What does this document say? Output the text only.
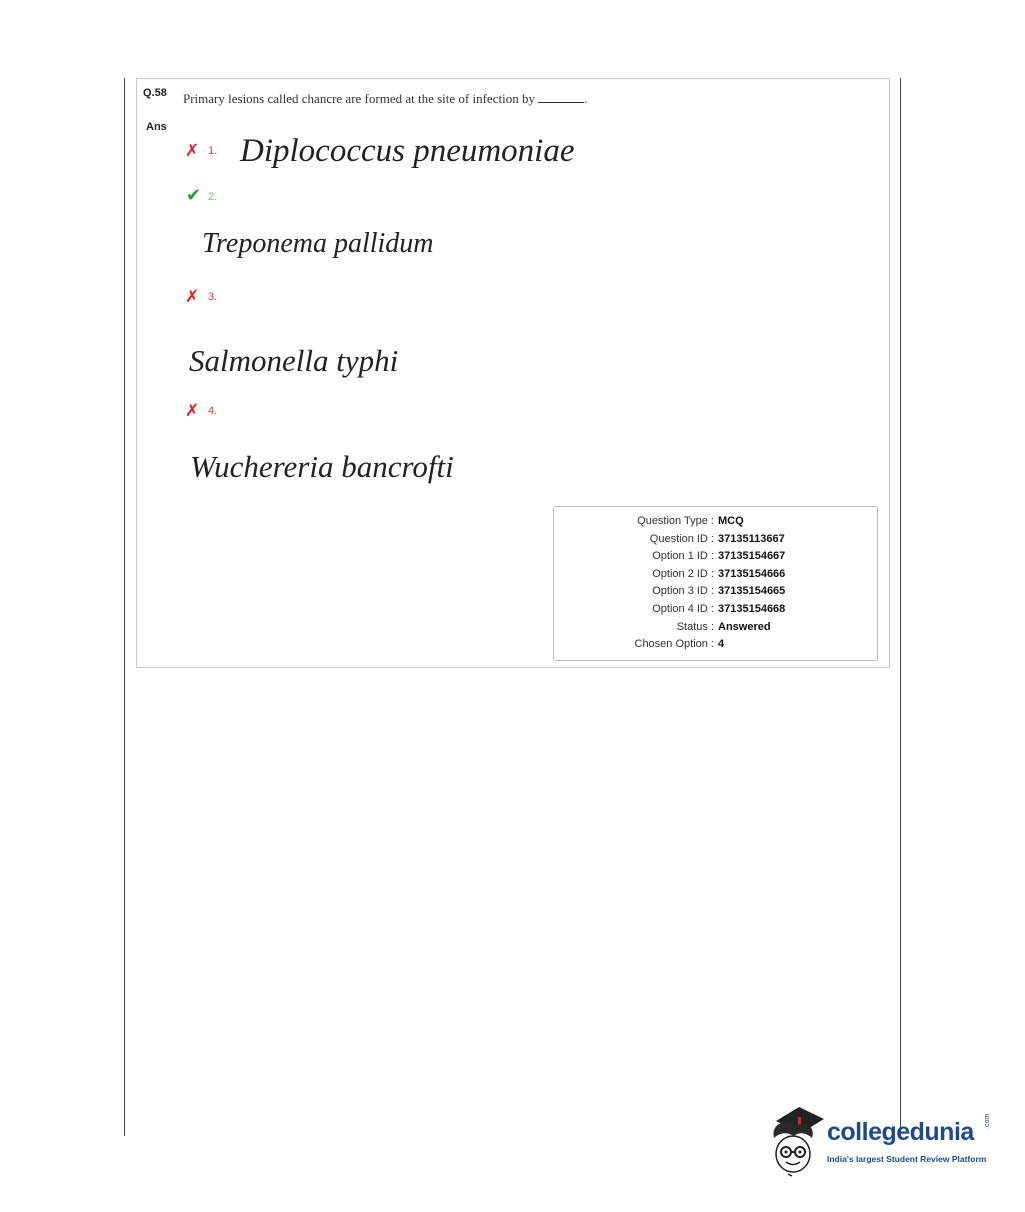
Q.58 Primary lesions called chancre are formed at the site of infection by	.
Ans
✗ 1. Diplococcus pneumoniae
✔ 2.
Treponema pallidum
✗ 3.
Salmonella typhi
✗ 4.
Wuchereria bancrofti
Question Type : MCQ
Question ID : 37135113667
Option 1 ID : 37135154667
Option 2 ID : 37135154666
Option 3 ID : 37135154665
Option 4 ID : 37135154668
Status : Answered
Chosen Option : 4
collegedunia .com
India's largest Student Review Platform
